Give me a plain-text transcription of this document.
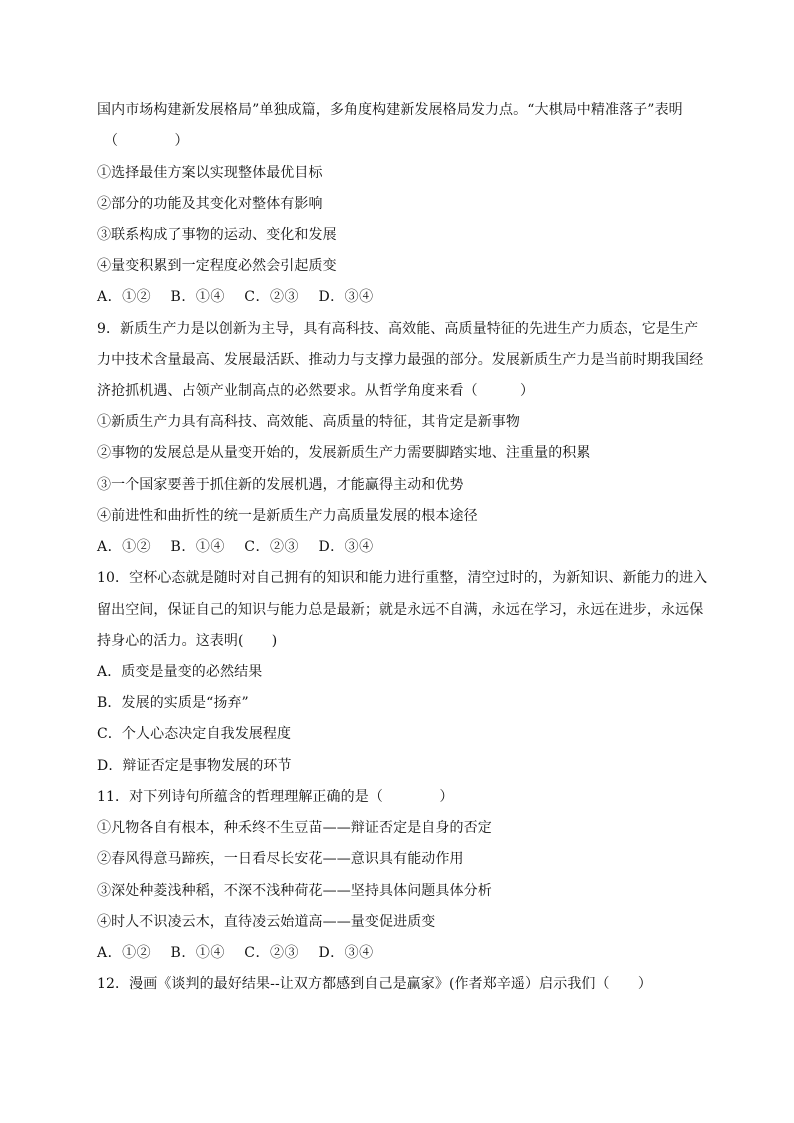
国内市场构建新发展格局”单独成篇，多角度构建新发展格局发力点。“大棋局中精准落子”表明
（　　　　）
①选择最佳方案以实现整体最优目标
②部分的功能及其变化对整体有影响
③联系构成了事物的运动、变化和发展
④量变积累到一定程度必然会引起质变
A．①②　 B．①④　 C．②③　 D．③④
9．新质生产力是以创新为主导，具有高科技、高效能、高质量特征的先进生产力质态，它是生产
力中技术含量最高、发展最活跃、推动力与支撑力最强的部分。发展新质生产力是当前时期我国经
济抢抓机遇、占领产业制高点的必然要求。从哲学角度来看（　　　）
①新质生产力具有高科技、高效能、高质量的特征，其肯定是新事物
②事物的发展总是从量变开始的，发展新质生产力需要脚踏实地、注重量的积累
③一个国家要善于抓住新的发展机遇，才能赢得主动和优势
④前进性和曲折性的统一是新质生产力高质量发展的根本途径
A．①②　 B．①④　 C．②③　 D．③④
10．空杯心态就是随时对自己拥有的知识和能力进行重整，清空过时的，为新知识、新能力的进入
留出空间，保证自己的知识与能力总是最新；就是永远不自满，永远在学习，永远在进步，永远保
持身心的活力。这表明(　　)
A．质变是量变的必然结果
B．发展的实质是“扬弃”
C．个人心态决定自我发展程度
D．辩证否定是事物发展的环节
11．对下列诗句所蕴含的哲理理解正确的是（　　　　）
①凡物各自有根本，种禾终不生豆苗——辩证否定是自身的否定
②春风得意马蹄疾，一日看尽长安花——意识具有能动作用
③深处种菱浅种稻，不深不浅种荷花——坚持具体问题具体分析
④时人不识凌云木，直待凌云始道高——量变促进质变
A．①②　 B．①④　 C．②③　 D．③④
12．漫画《谈判的最好结果--让双方都感到自己是赢家》(作者郑辛遥）启示我们（　　）
